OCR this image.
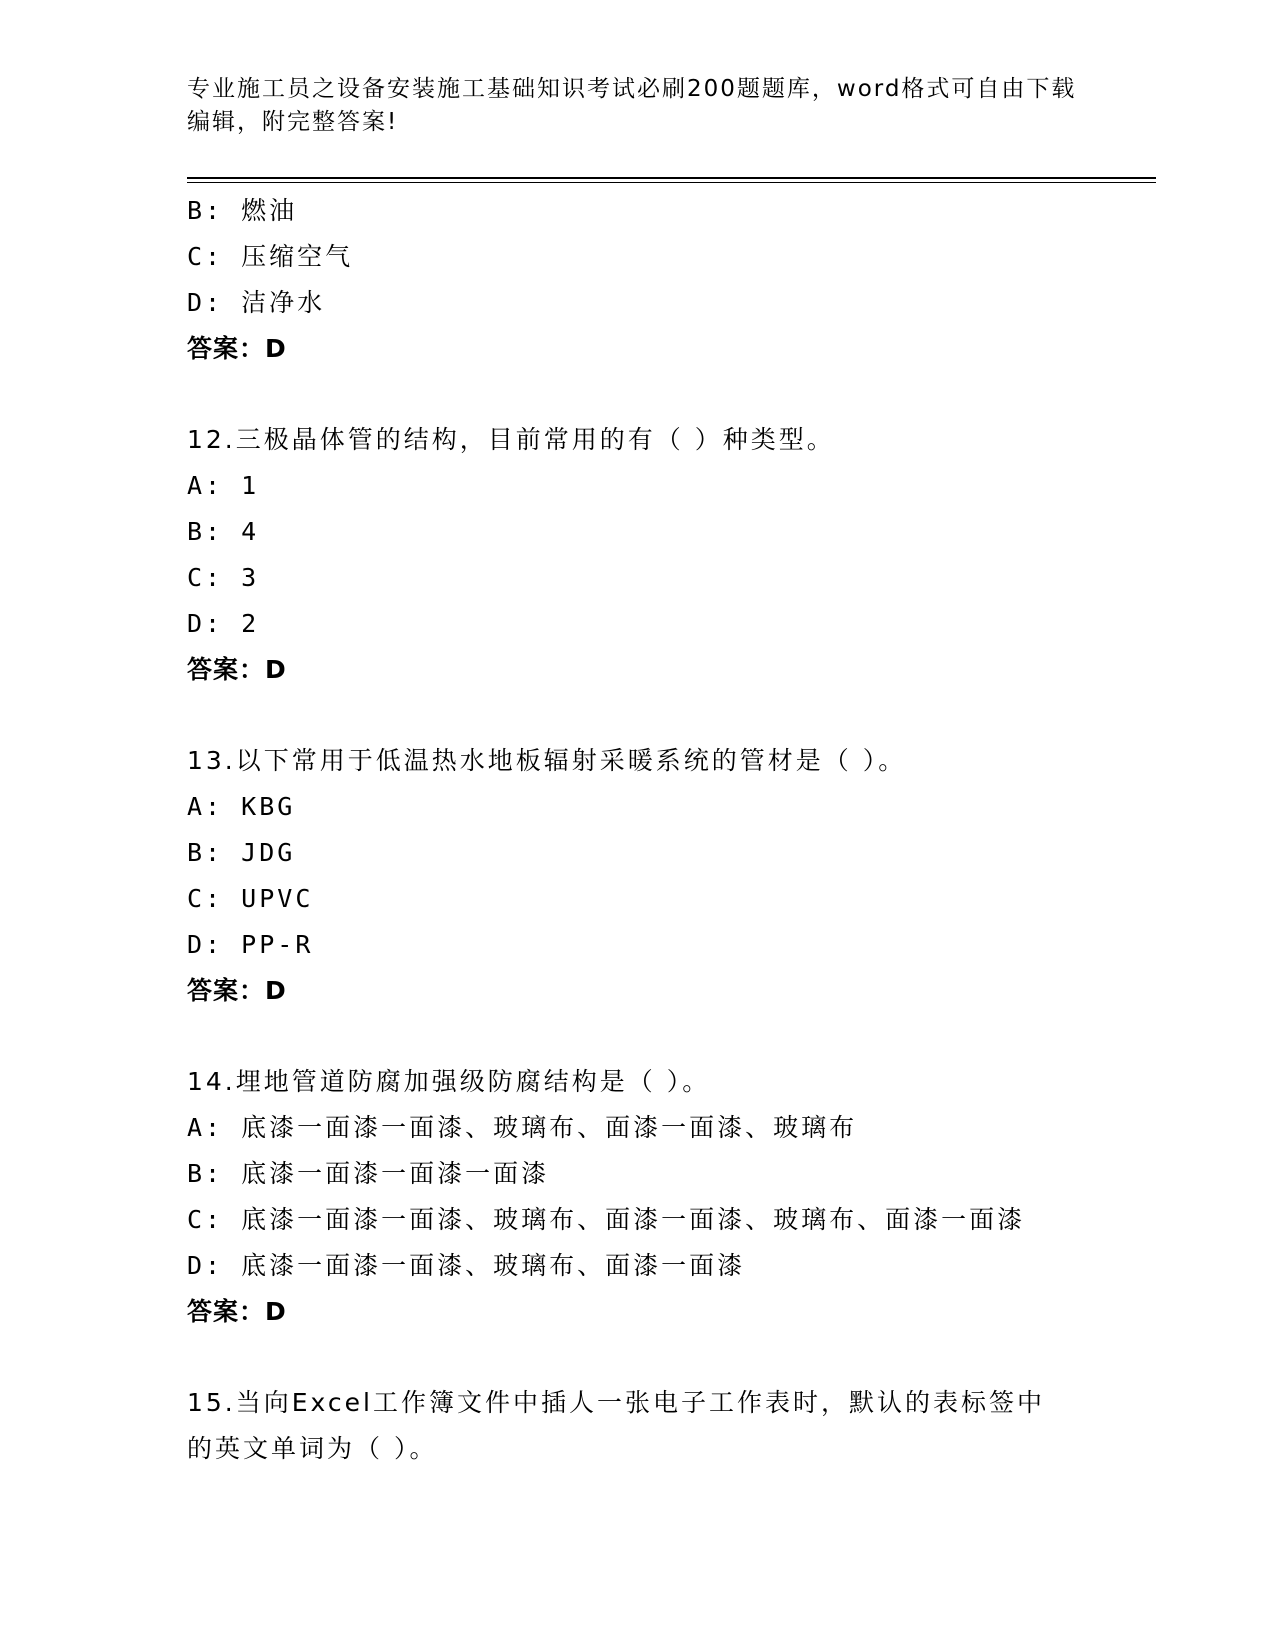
专业施工员之设备安装施工基础知识考试必刷200题题库，word格式可自由下载
编辑，附完整答案!
B: 燃油
C: 压缩空气
D: 洁净水
答案：D
12.三极晶体管的结构，目前常用的有（ ）种类型。
A: 1
B: 4
C: 3
D: 2
答案：D
13.以下常用于低温热水地板辐射采暖系统的管材是（ ）。
A: KBG
B: JDG
C: UPVC
D: PP-R
答案：D
14.埋地管道防腐加强级防腐结构是（ ）。
A: 底漆一面漆一面漆、玻璃布、面漆一面漆、玻璃布
B: 底漆一面漆一面漆一面漆
C: 底漆一面漆一面漆、玻璃布、面漆一面漆、玻璃布、面漆一面漆
D: 底漆一面漆一面漆、玻璃布、面漆一面漆
答案：D
15.当向Excel工作簿文件中插人一张电子工作表时，默认的表标签中的英文单词为（ ）。
